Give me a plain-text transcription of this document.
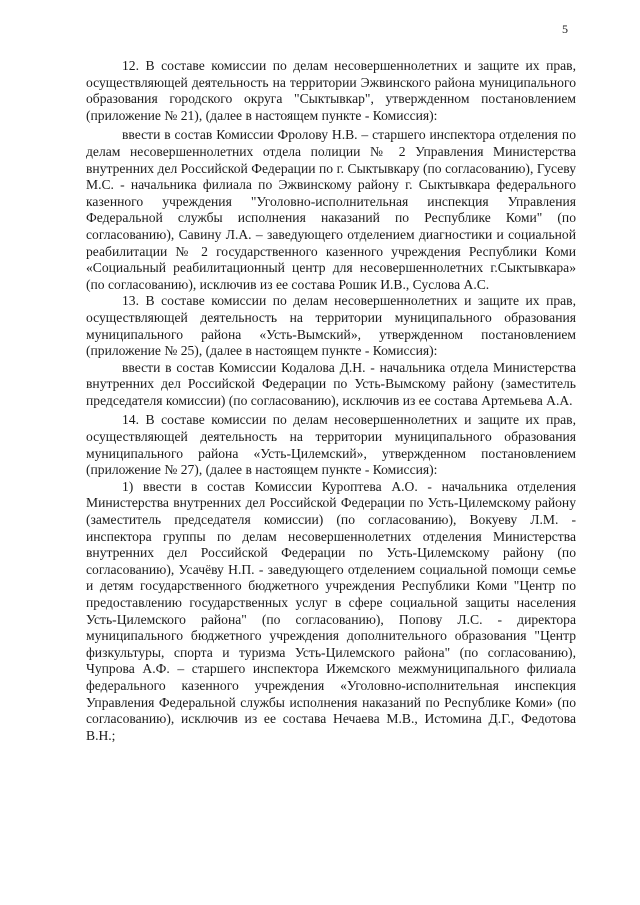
5

12. В составе комиссии по делам несовершеннолетних и защите их прав, осуществляющей деятельность на территории Эжвинского района муниципального образования городского округа "Сыктывкар", утвержденном постановлением (приложение № 21), (далее в настоящем пункте - Комиссия):

ввести в состав Комиссии Фролову Н.В. – старшего инспектора отделения по делам несовершеннолетних отдела полиции № 2 Управления Министерства внутренних дел Российской Федерации по г. Сыктывкару (по согласованию), Гусеву М.С. - начальника филиала по Эжвинскому району г. Сыктывкара федерального казенного учреждения "Уголовно-исполнительная инспекция Управления Федеральной службы исполнения наказаний по Республике Коми" (по согласованию), Савину Л.А. – заведующего отделением диагностики и социальной реабилитации № 2 государственного казенного учреждения Республики Коми «Социальный реабилитационный центр для несовершеннолетних г.Сыктывкара» (по согласованию), исключив из ее состава Рошик И.В., Суслова А.С.

13. В составе комиссии по делам несовершеннолетних и защите их прав, осуществляющей деятельность на территории муниципального образования муниципального района «Усть-Вымский», утвержденном постановлением (приложение № 25), (далее в настоящем пункте - Комиссия):

ввести в состав Комиссии Кодалова Д.Н. - начальника отдела Министерства внутренних дел Российской Федерации по Усть-Вымскому району (заместитель председателя комиссии) (по согласованию), исключив из ее состава Артемьева А.А.

14. В составе комиссии по делам несовершеннолетних и защите их прав, осуществляющей деятельность на территории муниципального образования муниципального района «Усть-Цилемский», утвержденном постановлением (приложение № 27), (далее в настоящем пункте - Комиссия):

1) ввести в состав Комиссии Куроптева А.О. - начальника отделения Министерства внутренних дел Российской Федерации по Усть-Цилемскому району (заместитель председателя комиссии) (по согласованию), Вокуеву Л.М. - инспектора группы по делам несовершеннолетних отделения Министерства внутренних дел Российской Федерации по Усть-Цилемскому району (по согласованию), Усачёву Н.П. - заведующего отделением социальной помощи семье и детям государственного бюджетного учреждения Республики Коми "Центр по предоставлению государственных услуг в сфере социальной защиты населения Усть-Цилемского района" (по согласованию), Попову Л.С. - директора муниципального бюджетного учреждения дополнительного образования "Центр физкультуры, спорта и туризма Усть-Цилемского района" (по согласованию), Чупрова А.Ф. – старшего инспектора Ижемского межмуниципального филиала федерального казенного учреждения «Уголовно-исполнительная инспекция Управления Федеральной службы исполнения наказаний по Республике Коми» (по согласованию), исключив из ее состава Нечаева М.В., Истомина Д.Г., Федотова В.Н.;
